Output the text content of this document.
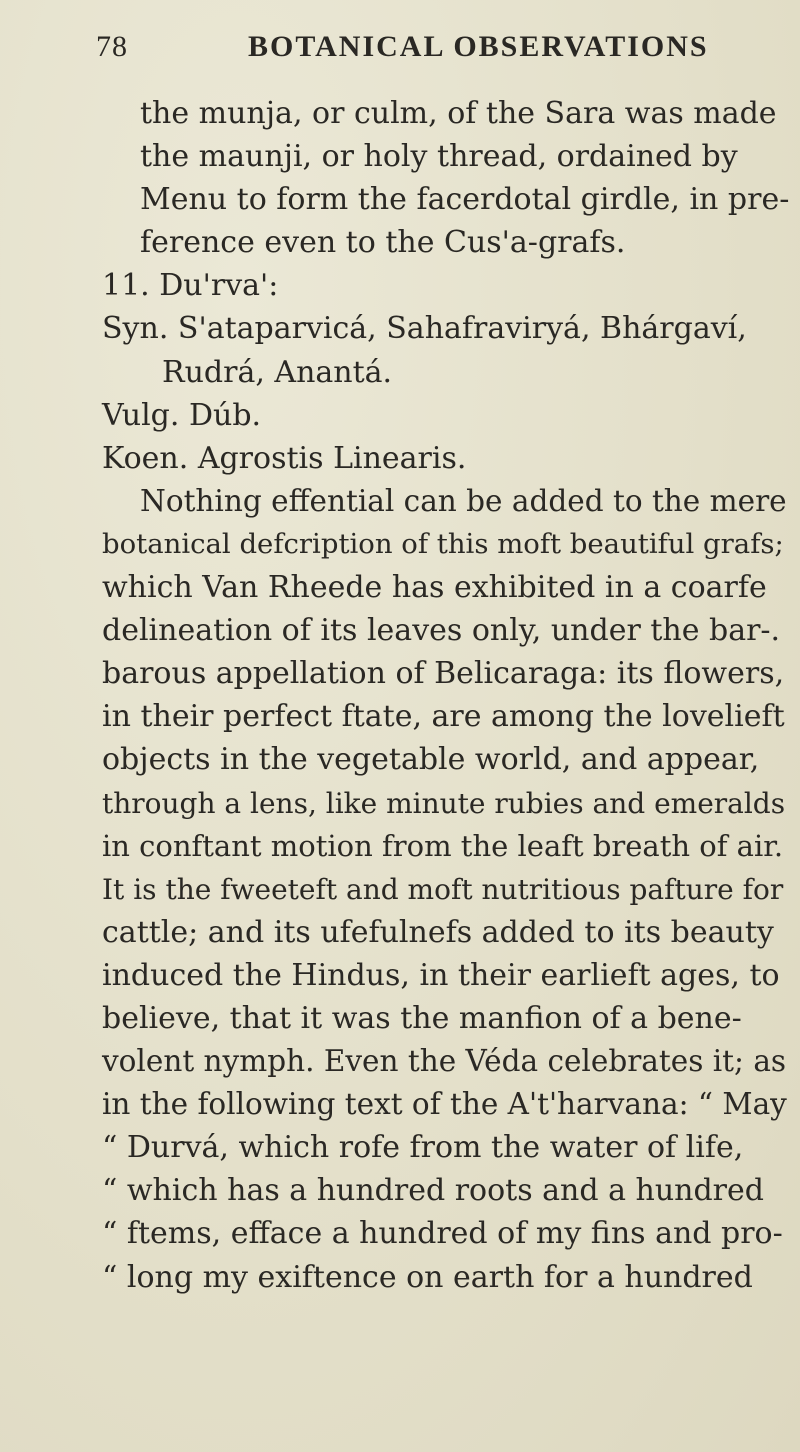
78	BOTANICAL OBSERVATIONS
the munja, or culm, of the Sara was made
the maunji, or holy thread, ordained by
Menu to form the facerdotal girdle, in pre-
ference even to the Cus'a-grafs.
11. Du'rva':
Syn. S'ataparvicá, Sahafraviryá, Bhárgaví,
Rudrá, Anantá.
Vulg. Dúb.
Koen. Agrostis Linearis.
Nothing effential can be added to the mere
botanical defcription of this moft beautiful grafs;
which Van Rheede has exhibited in a coarfe
delineation of its leaves only, under the bar-.
barous appellation of Belicaraga: its flowers,
in their perfect ftate, are among the lovelieft
objects in the vegetable world, and appear,
through a lens, like minute rubies and emeralds
in conftant motion from the leaft breath of air.
It is the fweeteft and moft nutritious pafture for
cattle; and its ufefulnefs added to its beauty
induced the Hindus, in their earlieft ages, to
believe, that it was the manfion of a bene-
volent nymph. Even the Véda celebrates it; as
in the following text of the A't'harvana: “ May
“ Durvá, which rofe from the water of life,
“ which has a hundred roots and a hundred
“ ftems, efface a hundred of my fins and pro-
“ long my exiftence on earth for a hundred
